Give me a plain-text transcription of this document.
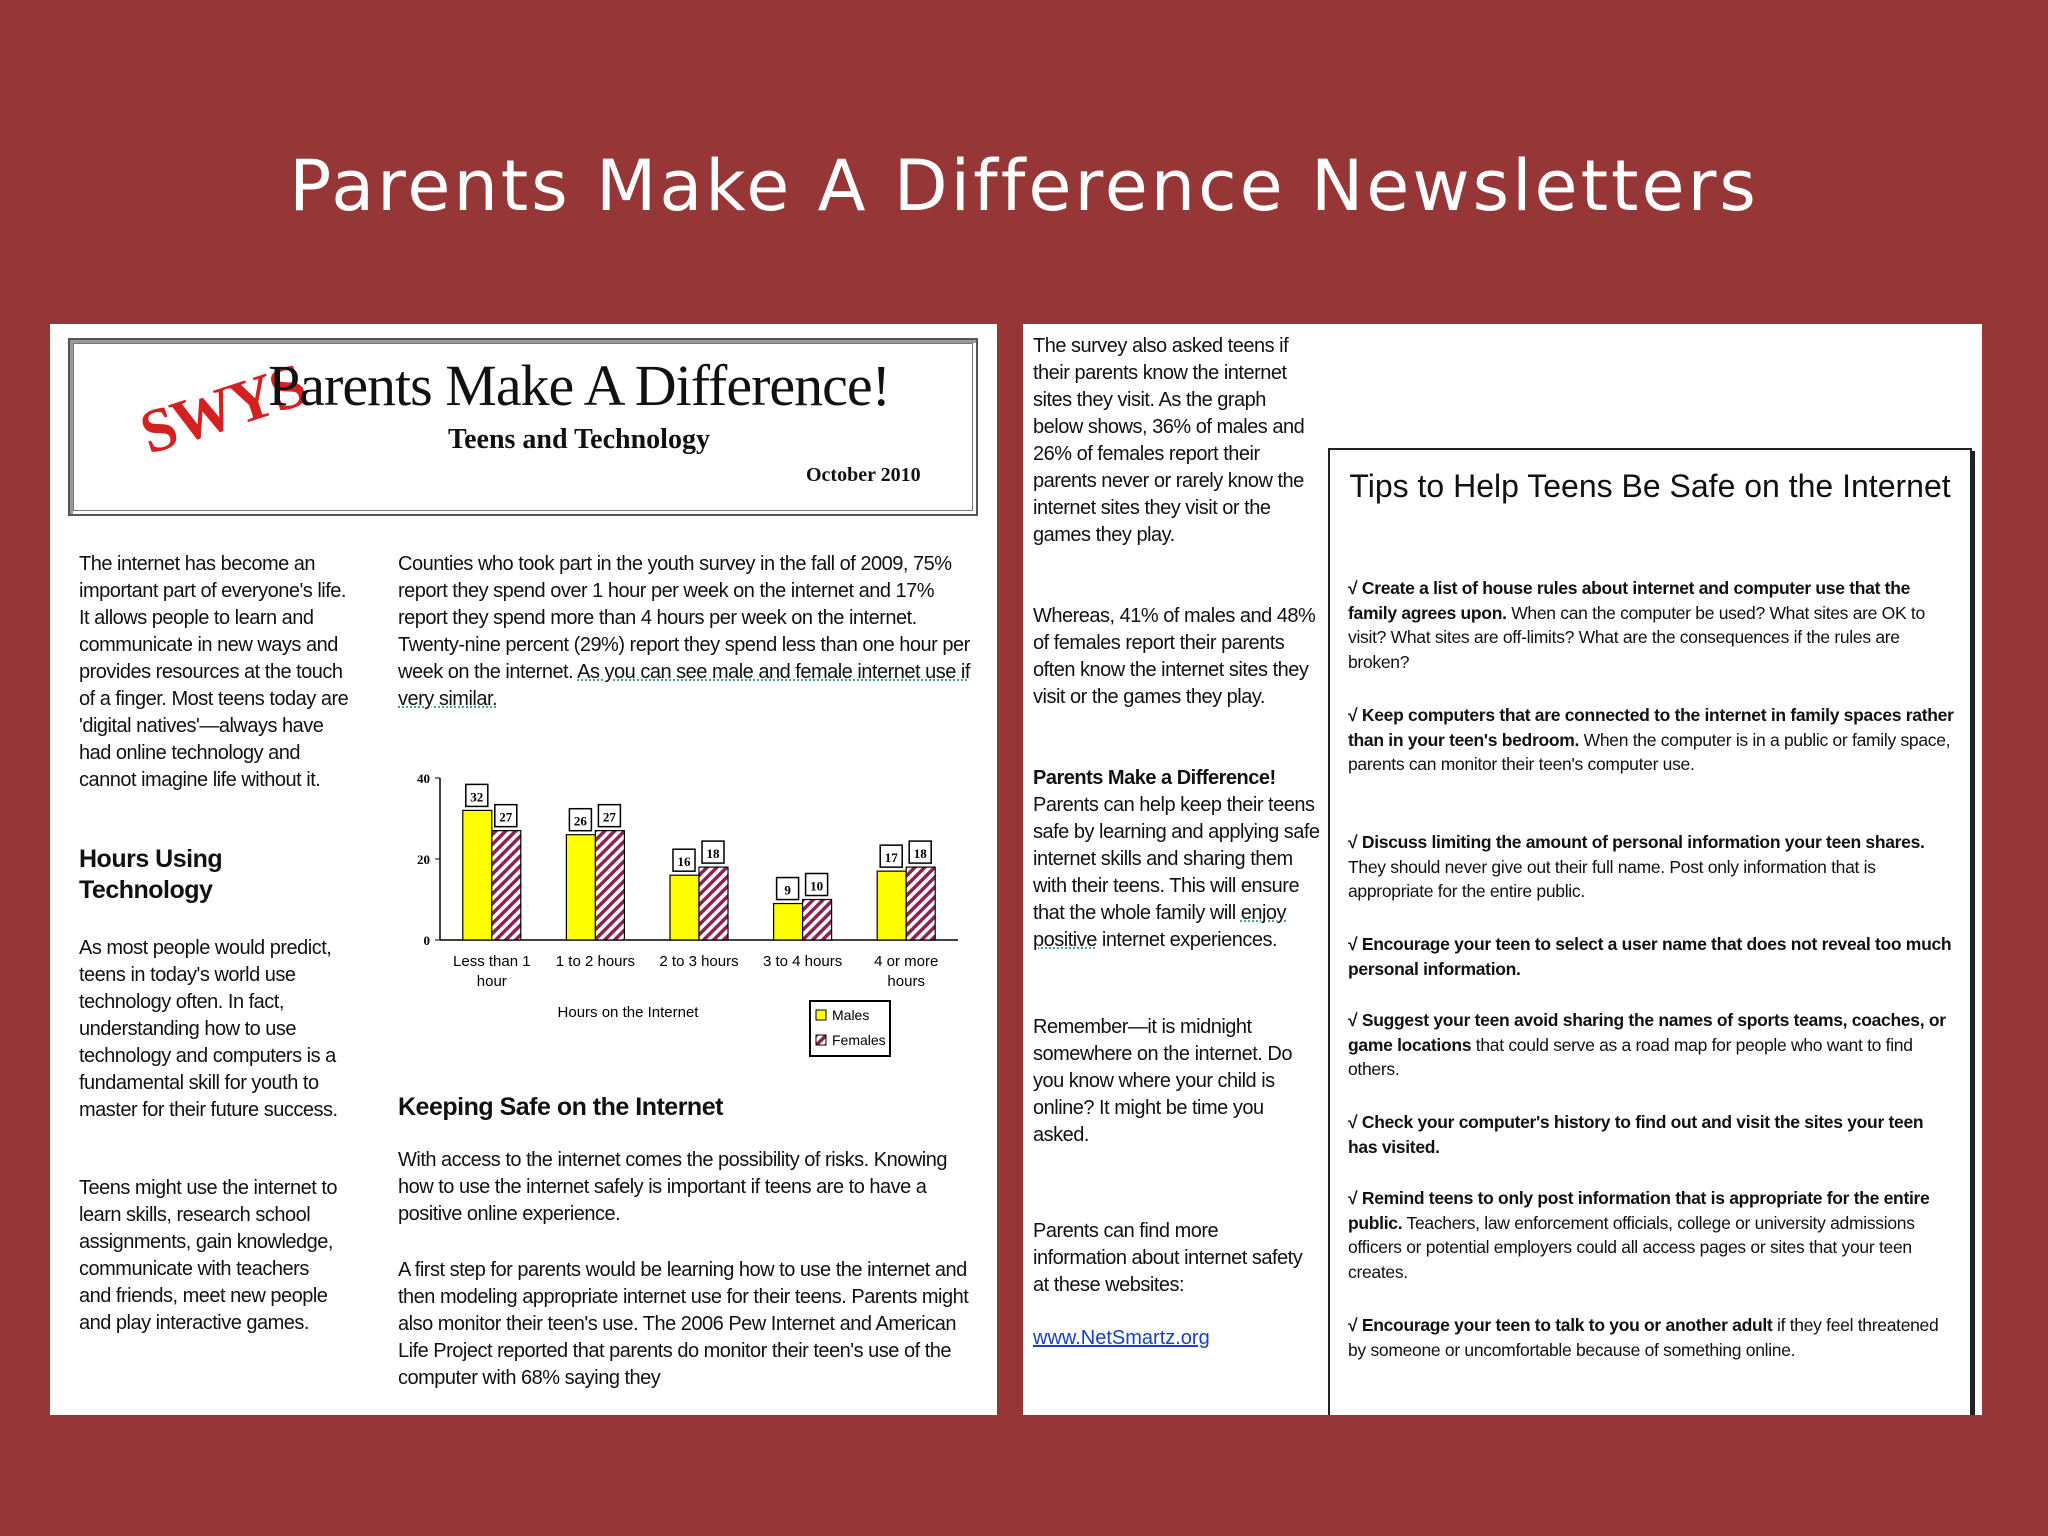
Parents Make A Difference Newsletters
SWYS
Parents Make A Difference!
Teens and Technology
October 2010

The internet has become an important part of everyone's life. It allows people to learn and communicate in new ways and provides resources at the touch of a finger. Most teens today are 'digital natives'—always have had online technology and cannot imagine life without it.

Hours Using Technology

As most people would predict, teens in today's world use technology often. In fact, understanding how to use technology and computers is a fundamental skill for youth to master for their future success.

Teens might use the internet to learn skills, research school assignments, gain knowledge, communicate with teachers and friends, meet new people and play interactive games.

Counties who took part in the youth survey in the fall of 2009, 75% report they spend over 1 hour per week on the internet and 17% report they spend more than 4 hours per week on the internet. Twenty-nine percent (29%) report they spend less than one hour per week on the internet. As you can see male and female internet use if very similar.

0
20
40
32
27
Less than 1
hour
26 27
1 to 2 hours
16
18
2 to 3 hours
9 10
3 to 4 hours
17 18
4 or more
hours
Hours on the Internet	Males
Females

Keeping Safe on the Internet

With access to the internet comes the possibility of risks. Knowing how to use the internet safely is important if teens are to have a positive online experience.

A first step for parents would be learning how to use the internet and then modeling appropriate internet use for their teens. Parents might also monitor their teen's use. The 2006 Pew Internet and American Life Project reported that parents do monitor their teen's use of the computer with 68% saying they

The survey also asked teens if their parents know the internet sites they visit. As the graph below shows, 36% of males and 26% of females report their parents never or rarely know the internet sites they visit or the games they play.

Whereas, 41% of males and 48% of females report their parents often know the internet sites they visit or the games they play.

Parents Make a Difference!
Parents can help keep their teens safe by learning and applying safe internet skills and sharing them with their teens. This will ensure that the whole family will enjoy positive internet experiences.

Remember—it is midnight somewhere on the internet. Do you know where your child is online? It might be time you asked.

Parents can find more information about internet safety at these websites:

www.NetSmartz.org
Tips to Help Teens Be Safe on the Internet

√ Create a list of house rules about internet and computer use that the family agrees upon. When can the computer be used? What sites are OK to visit? What sites are off-limits? What are the consequences if the rules are broken?

√ Keep computers that are connected to the internet in family spaces rather than in your teen's bedroom. When the computer is in a public or family space, parents can monitor their teen's computer use.

√ Discuss limiting the amount of personal information your teen shares. They should never give out their full name. Post only information that is appropriate for the entire public.

√ Encourage your teen to select a user name that does not reveal too much personal information.

√ Suggest your teen avoid sharing the names of sports teams, coaches, or game locations that could serve as a road map for people who want to find others.

√ Check your computer's history to find out and visit the sites your teen has visited.

√ Remind teens to only post information that is appropriate for the entire public. Teachers, law enforcement officials, college or university admissions officers or potential employers could all access pages or sites that your teen creates.

√ Encourage your teen to talk to you or another adult if they feel threatened by someone or uncomfortable because of something online.
